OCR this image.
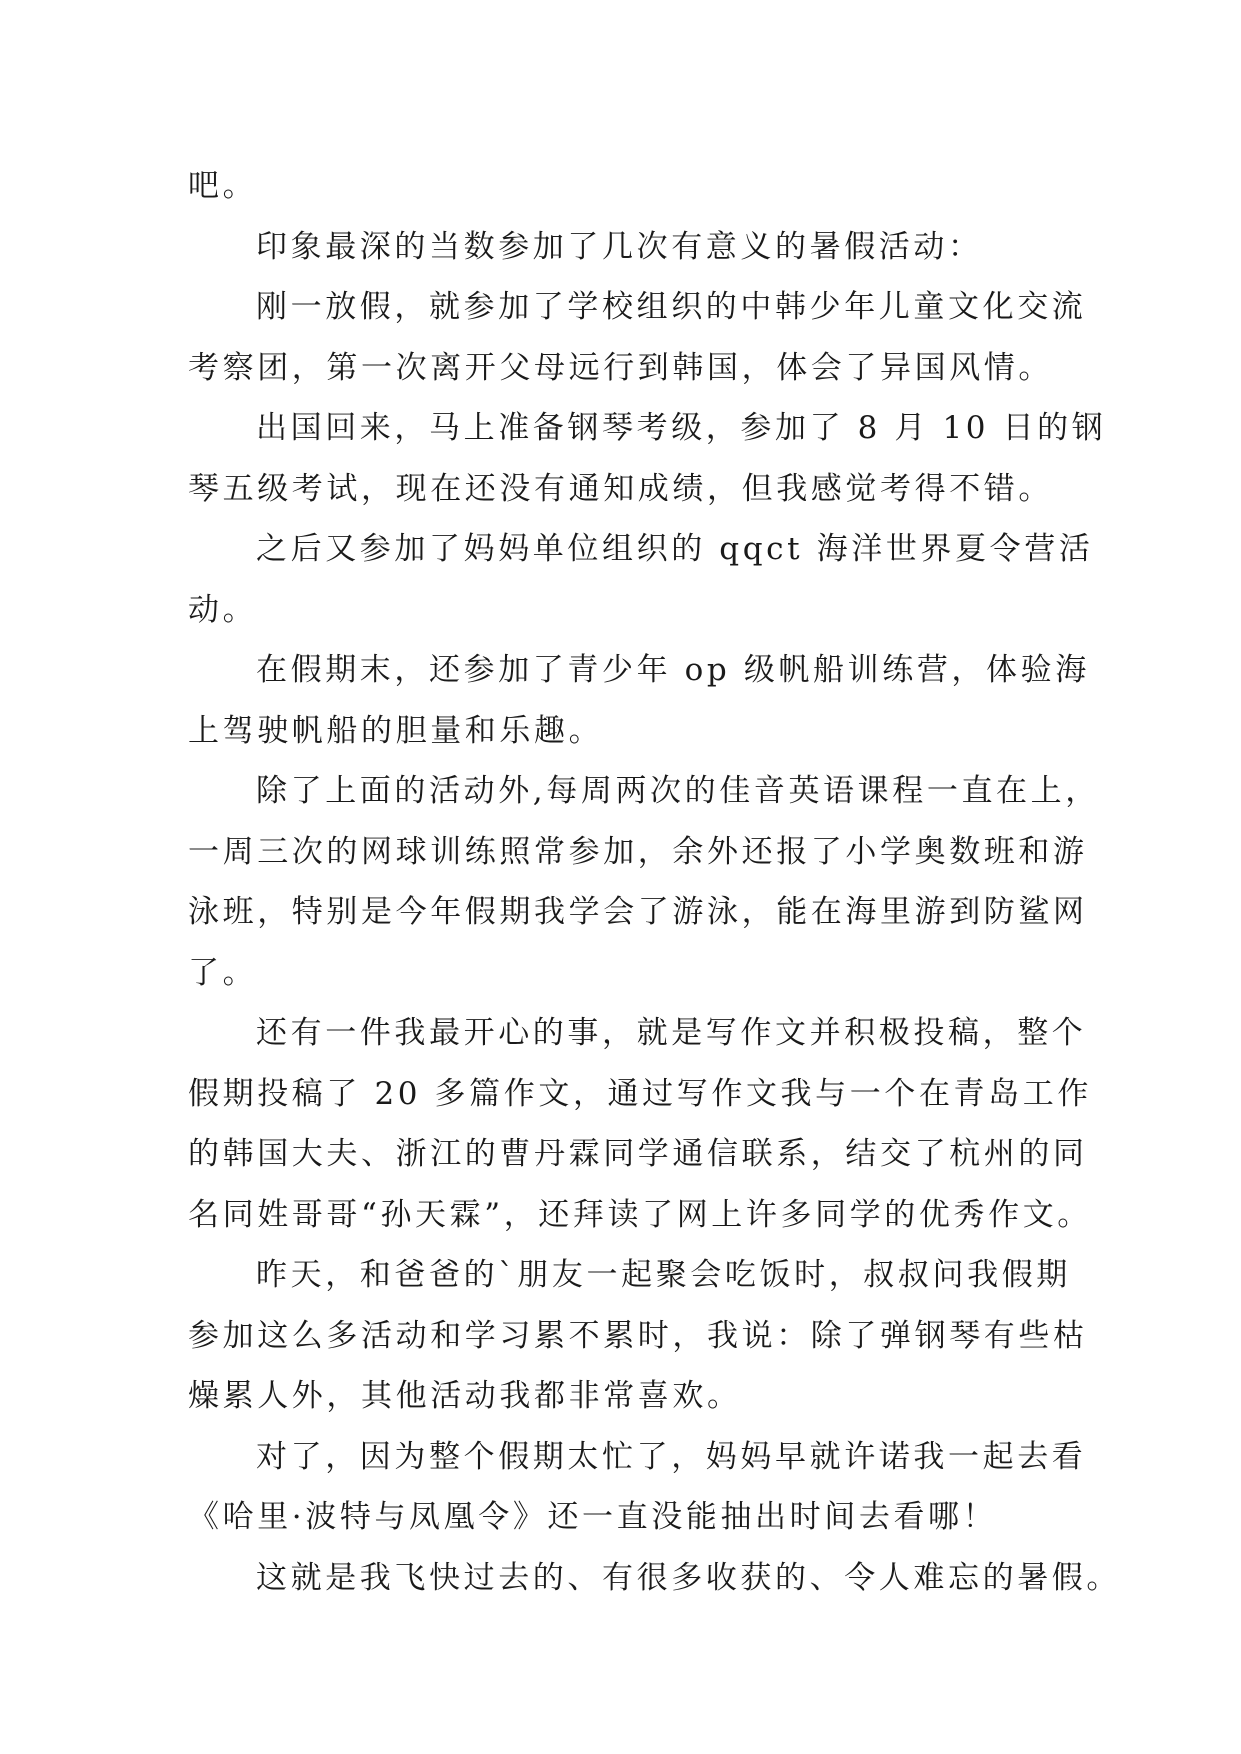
吧。
印象最深的当数参加了几次有意义的暑假活动：
刚一放假，就参加了学校组织的中韩少年儿童文化交流
考察团，第一次离开父母远行到韩国，体会了异国风情。
出国回来，马上准备钢琴考级，参加了 8 月 10 日的钢
琴五级考试，现在还没有通知成绩，但我感觉考得不错。
之后又参加了妈妈单位组织的 qqct 海洋世界夏令营活
动。
在假期末，还参加了青少年 op 级帆船训练营，体验海
上驾驶帆船的胆量和乐趣。
除了上面的活动外,每周两次的佳音英语课程一直在上，
一周三次的网球训练照常参加，余外还报了小学奥数班和游
泳班，特别是今年假期我学会了游泳，能在海里游到防鲨网
了。
还有一件我最开心的事，就是写作文并积极投稿，整个
假期投稿了 20 多篇作文，通过写作文我与一个在青岛工作
的韩国大夫、浙江的曹丹霖同学通信联系，结交了杭州的同
名同姓哥哥“孙天霖”，还拜读了网上许多同学的优秀作文。
昨天，和爸爸的`朋友一起聚会吃饭时，叔叔问我假期
参加这么多活动和学习累不累时，我说：除了弹钢琴有些枯
燥累人外，其他活动我都非常喜欢。
对了，因为整个假期太忙了，妈妈早就许诺我一起去看
《哈里·波特与凤凰令》还一直没能抽出时间去看哪！
这就是我飞快过去的、有很多收获的、令人难忘的暑假。
